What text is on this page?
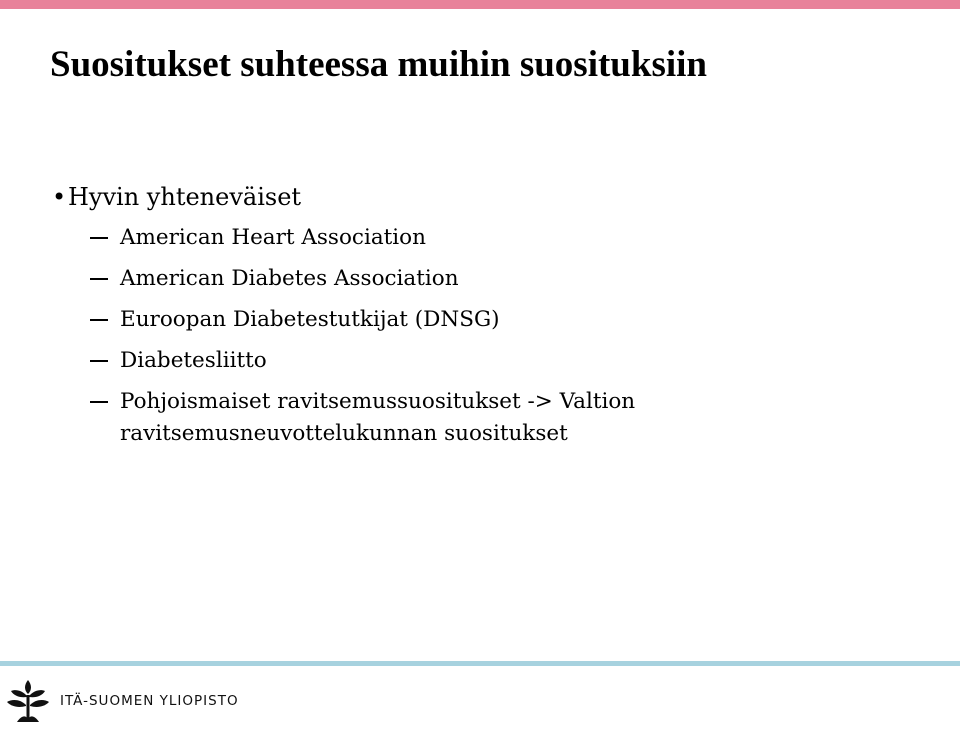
Suositukset suhteessa muihin suosituksiin
• Hyvin yhteneväiset
American Heart Association
American Diabetes Association
Euroopan Diabetestutkijat (DNSG)
Diabetesliitto
Pohjoismaiset ravitsemussuositukset -> Valtion ravitsemusneuvottelukunnan suositukset
ITÄ-SUOMEN YLIOPISTO
